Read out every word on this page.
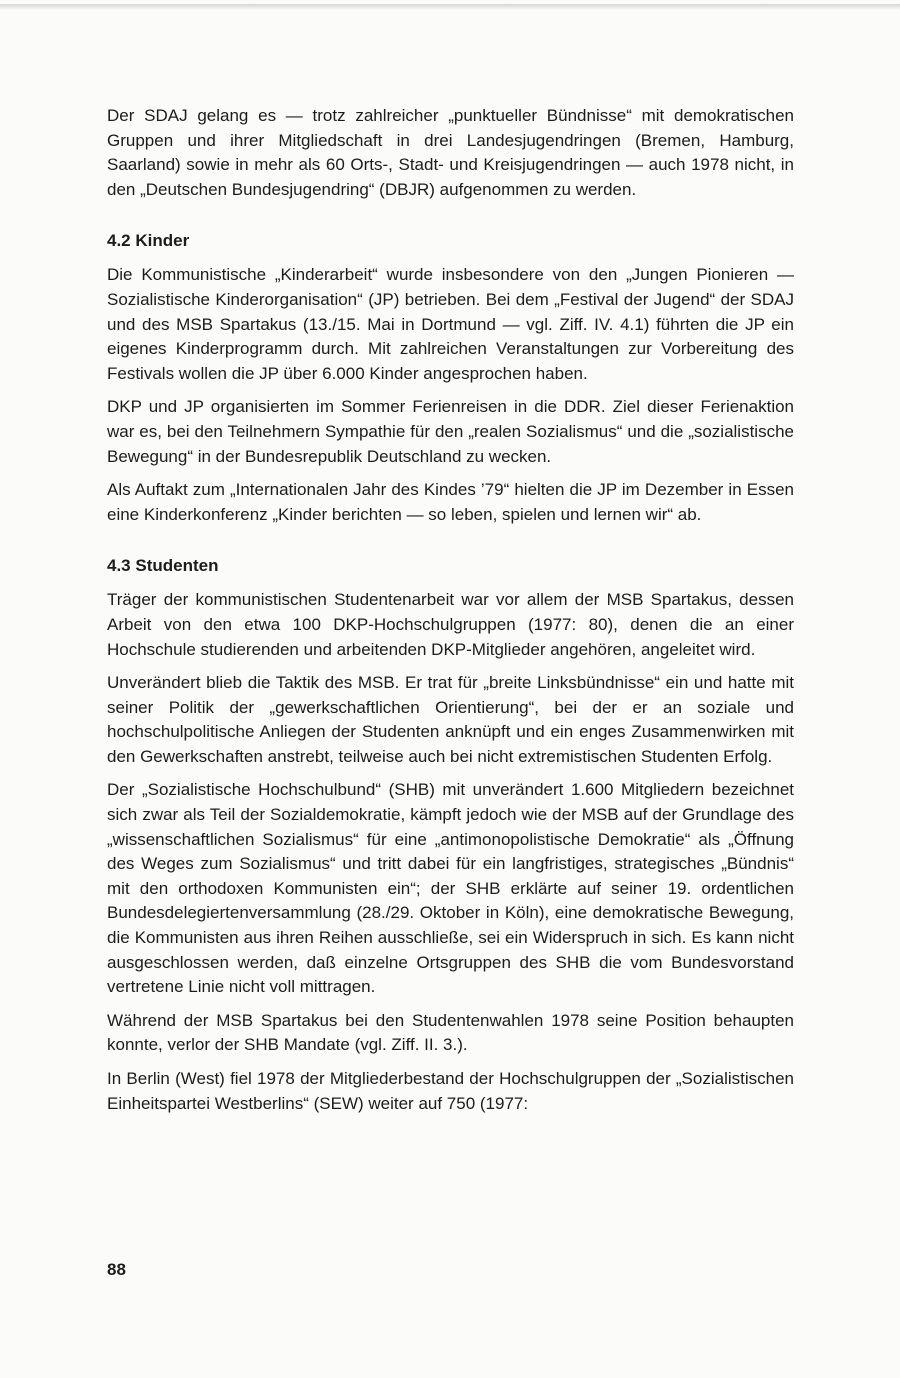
Der SDAJ gelang es — trotz zahlreicher „punktueller Bündnisse“ mit demokratischen Gruppen und ihrer Mitgliedschaft in drei Landesjugendringen (Bremen, Hamburg, Saarland) sowie in mehr als 60 Orts-, Stadt- und Kreisjugendringen — auch 1978 nicht, in den „Deutschen Bundesjugendring“ (DBJR) aufgenommen zu werden.

4.2 Kinder

Die Kommunistische „Kinderarbeit“ wurde insbesondere von den „Jungen Pionieren — Sozialistische Kinderorganisation“ (JP) betrieben. Bei dem „Festival der Jugend“ der SDAJ und des MSB Spartakus (13./15. Mai in Dortmund — vgl. Ziff. IV. 4.1) führten die JP ein eigenes Kinderprogramm durch. Mit zahlreichen Veranstaltungen zur Vorbereitung des Festivals wollen die JP über 6.000 Kinder angesprochen haben.

DKP und JP organisierten im Sommer Ferienreisen in die DDR. Ziel dieser Ferienaktion war es, bei den Teilnehmern Sympathie für den „realen Sozialismus“ und die „sozialistische Bewegung“ in der Bundesrepublik Deutschland zu wecken.

Als Auftakt zum „Internationalen Jahr des Kindes ’79“ hielten die JP im Dezember in Essen eine Kinderkonferenz „Kinder berichten — so leben, spielen und lernen wir“ ab.

4.3 Studenten

Träger der kommunistischen Studentenarbeit war vor allem der MSB Spartakus, dessen Arbeit von den etwa 100 DKP-Hochschulgruppen (1977: 80), denen die an einer Hochschule studierenden und arbeitenden DKP-Mitglieder angehören, angeleitet wird.

Unverändert blieb die Taktik des MSB. Er trat für „breite Linksbündnisse“ ein und hatte mit seiner Politik der „gewerkschaftlichen Orientierung“, bei der er an soziale und hochschulpolitische Anliegen der Studenten anknüpft und ein enges Zusammenwirken mit den Gewerkschaften anstrebt, teilweise auch bei nicht extremistischen Studenten Erfolg.

Der „Sozialistische Hochschulbund“ (SHB) mit unverändert 1.600 Mitgliedern bezeichnet sich zwar als Teil der Sozialdemokratie, kämpft jedoch wie der MSB auf der Grundlage des „wissenschaftlichen Sozialismus“ für eine „antimonopolistische Demokratie“ als „Öffnung des Weges zum Sozialismus“ und tritt dabei für ein langfristiges, strategisches „Bündnis“ mit den orthodoxen Kommunisten ein“; der SHB erklärte auf seiner 19. ordentlichen Bundesdelegiertenversammlung (28./29. Oktober in Köln), eine demokratische Bewegung, die Kommunisten aus ihren Reihen ausschließe, sei ein Widerspruch in sich. Es kann nicht ausgeschlossen werden, daß einzelne Ortsgruppen des SHB die vom Bundesvorstand vertretene Linie nicht voll mittragen.

Während der MSB Spartakus bei den Studentenwahlen 1978 seine Position behaupten konnte, verlor der SHB Mandate (vgl. Ziff. II. 3.).

In Berlin (West) fiel 1978 der Mitgliederbestand der Hochschulgruppen der „Sozialistischen Einheitspartei Westberlins“ (SEW) weiter auf 750 (1977:

88
